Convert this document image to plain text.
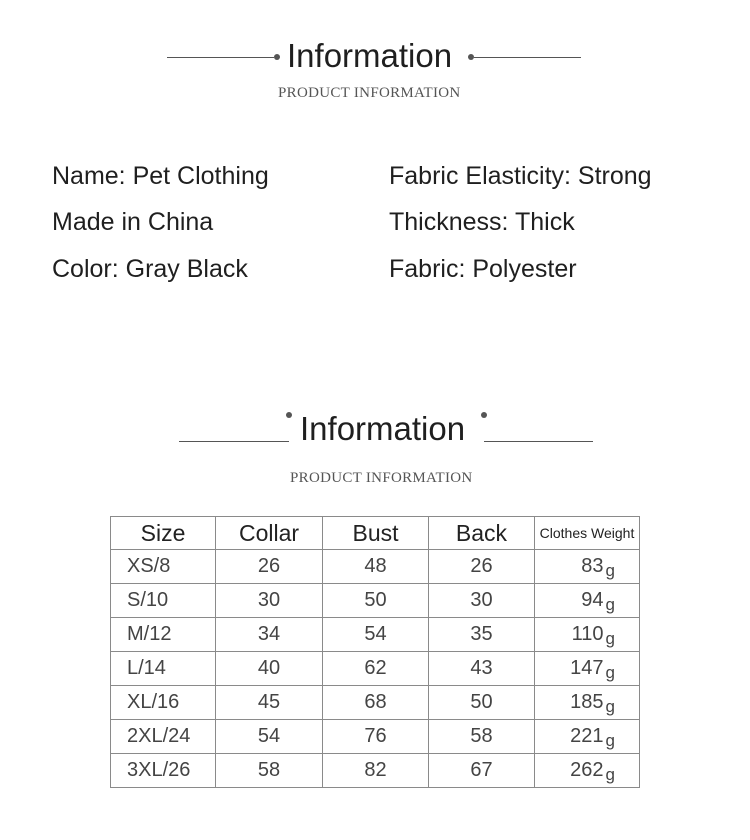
Information
PRODUCT INFORMATION
Name: Pet Clothing
Made in China
Color: Gray Black
Fabric Elasticity: Strong
Thickness: Thick
Fabric: Polyester
Information
PRODUCT INFORMATION
Size	Collar	Bust	Back	Clothes Weight
XS/8	26	48	26	83 $_g$
S/10	30	50	30	94 $_g$
M/12	34	54	35	110 $_g$
L/14	40	62	43	147 $_g$
XL/16	45	68	50	185 $_g$
2XL/24	54	76	58	221 $_g$
3XL/26	58	82	67	262 $_g$
